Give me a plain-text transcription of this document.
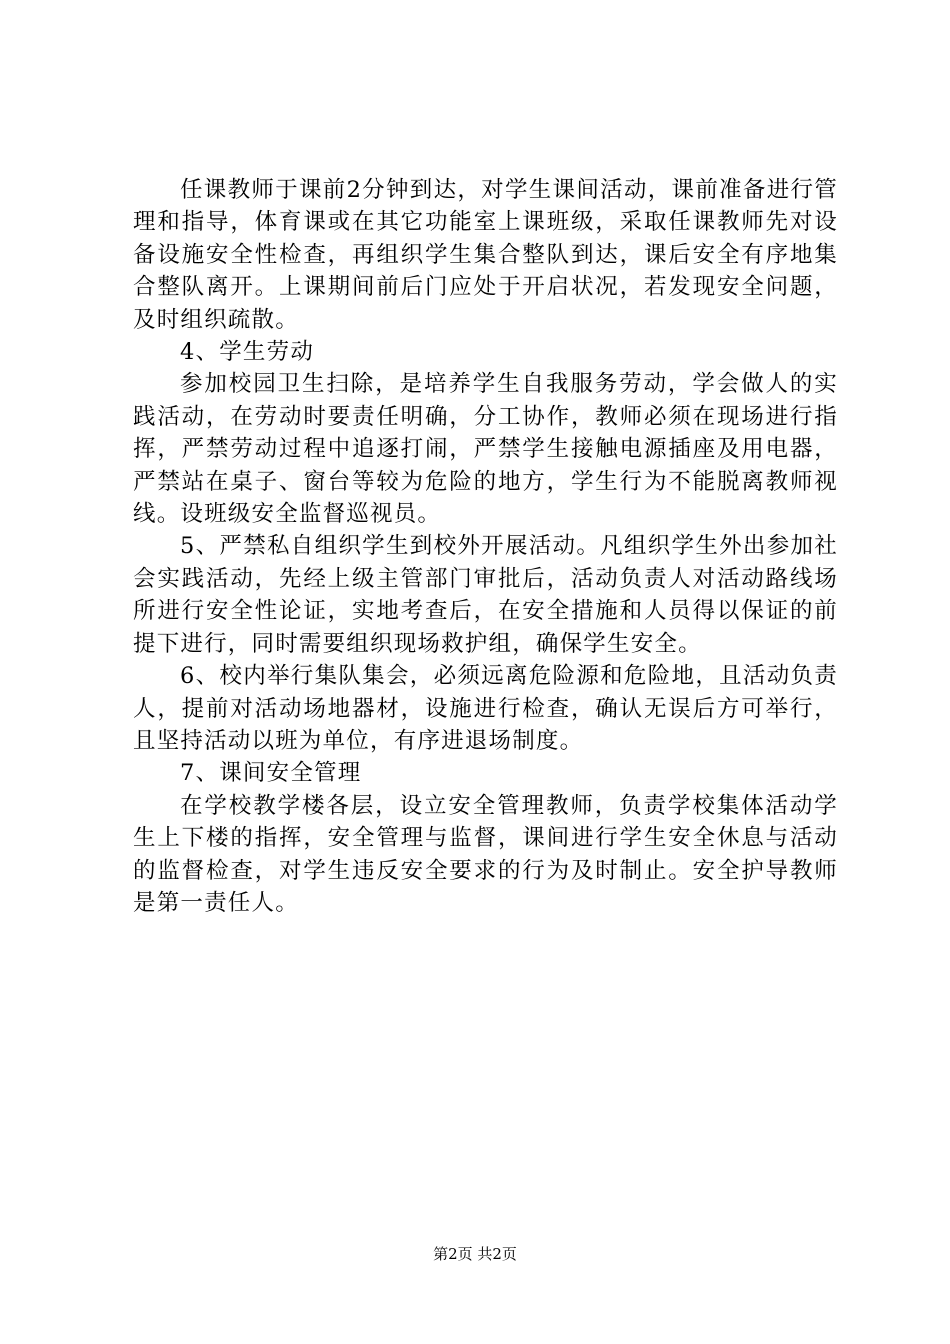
任课教师于课前2分钟到达，对学生课间活动，课前准备进行管理和指导，体育课或在其它功能室上课班级，采取任课教师先对设备设施安全性检查，再组织学生集合整队到达，课后安全有序地集合整队离开。上课期间前后门应处于开启状况，若发现安全问题，及时组织疏散。

4、学生劳动

参加校园卫生扫除，是培养学生自我服务劳动，学会做人的实践活动，在劳动时要责任明确，分工协作，教师必须在现场进行指挥，严禁劳动过程中追逐打闹，严禁学生接触电源插座及用电器，严禁站在桌子、窗台等较为危险的地方，学生行为不能脱离教师视线。设班级安全监督巡视员。

5、严禁私自组织学生到校外开展活动。凡组织学生外出参加社会实践活动，先经上级主管部门审批后，活动负责人对活动路线场所进行安全性论证，实地考查后，在安全措施和人员得以保证的前提下进行，同时需要组织现场救护组，确保学生安全。

6、校内举行集队集会，必须远离危险源和危险地，且活动负责人，提前对活动场地器材，设施进行检查，确认无误后方可举行，且坚持活动以班为单位，有序进退场制度。

7、课间安全管理

在学校教学楼各层，设立安全管理教师，负责学校集体活动学生上下楼的指挥，安全管理与监督，课间进行学生安全休息与活动的监督检查，对学生违反安全要求的行为及时制止。安全护导教师是第一责任人。

第2页 共2页
